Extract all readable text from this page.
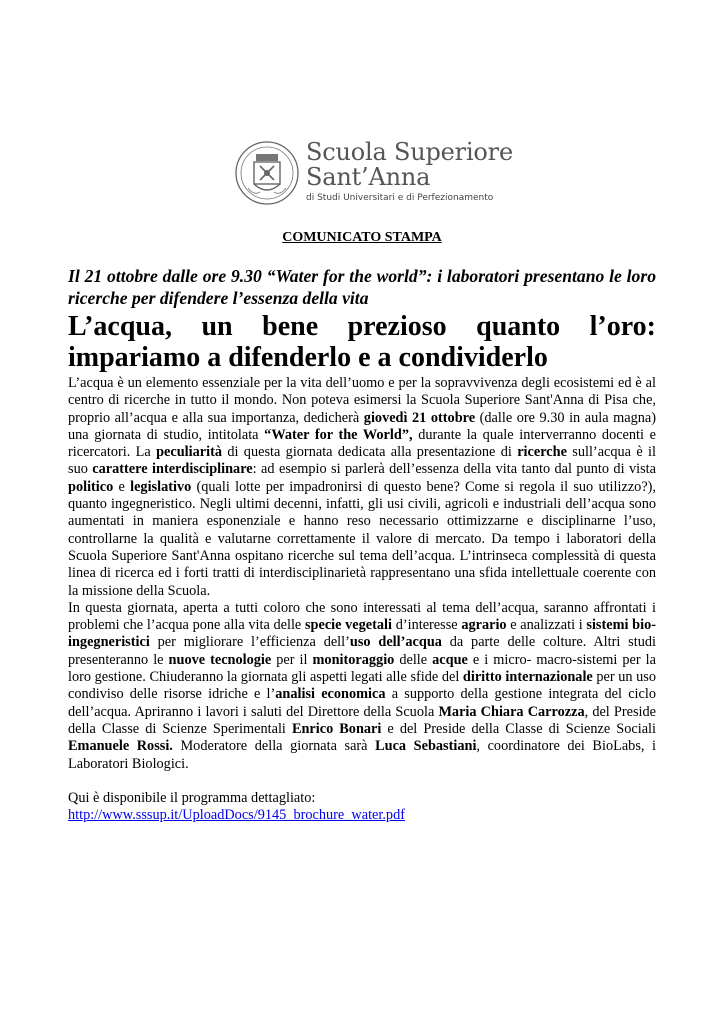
Scuola Superiore
Sant’Anna
di Studi Universitari e di Perfezionamento
COMUNICATO STAMPA
Il 21 ottobre dalle ore 9.30 “Water for the world”: i laboratori presentano le loro ricerche per difendere l’essenza della vita
L’acqua, un bene prezioso quanto l’oro: impariamo a difenderlo e a condividerlo

L’acqua è un elemento essenziale per la vita dell’uomo e per la sopravvivenza degli ecosistemi ed è al centro di ricerche in tutto il mondo. Non poteva esimersi la Scuola Superiore Sant'Anna di Pisa che, proprio all’acqua e alla sua importanza, dedicherà giovedì 21 ottobre (dalle ore 9.30 in aula magna) una giornata di studio, intitolata “Water for the World”, durante la quale interverranno docenti e ricercatori. La peculiarità di questa giornata dedicata alla presentazione di ricerche sull’acqua è il suo carattere interdisciplinare: ad esempio si parlerà dell’essenza della vita tanto dal punto di vista politico e legislativo (quali lotte per impadronirsi di questo bene? Come si regola il suo utilizzo?), quanto ingegneristico. Negli ultimi decenni, infatti, gli usi civili, agricoli e industriali dell’acqua sono aumentati in maniera esponenziale e hanno reso necessario ottimizzarne e disciplinarne l’uso, controllarne la qualità e valutarne correttamente il valore di mercato. Da tempo i laboratori della Scuola Superiore Sant'Anna ospitano ricerche sul tema dell’acqua. L’intrinseca complessità di questa linea di ricerca ed i forti tratti di interdisciplinarietà rappresentano una sfida intellettuale coerente con la missione della Scuola.

In questa giornata, aperta a tutti coloro che sono interessati al tema dell’acqua, saranno affrontati i problemi che l’acqua pone alla vita delle specie vegetali d’interesse agrario e analizzati i sistemi bio-ingegneristici per migliorare l’efficienza dell’uso dell’acqua da parte delle colture. Altri studi presenteranno le nuove tecnologie per il monitoraggio delle acque e i micro- macro-sistemi per la loro gestione. Chiuderanno la giornata gli aspetti legati alle sfide del diritto internazionale per un uso condiviso delle risorse idriche e l’analisi economica a supporto della gestione integrata del ciclo dell’acqua. Apriranno i lavori i saluti del Direttore della Scuola Maria Chiara Carrozza, del Preside della Classe di Scienze Sperimentali Enrico Bonari e del Preside della Classe di Scienze Sociali Emanuele Rossi. Moderatore della giornata sarà Luca Sebastiani, coordinatore dei BioLabs, i Laboratori Biologici.

Qui è disponibile il programma dettagliato:

http://www.sssup.it/UploadDocs/9145_brochure_water.pdf
